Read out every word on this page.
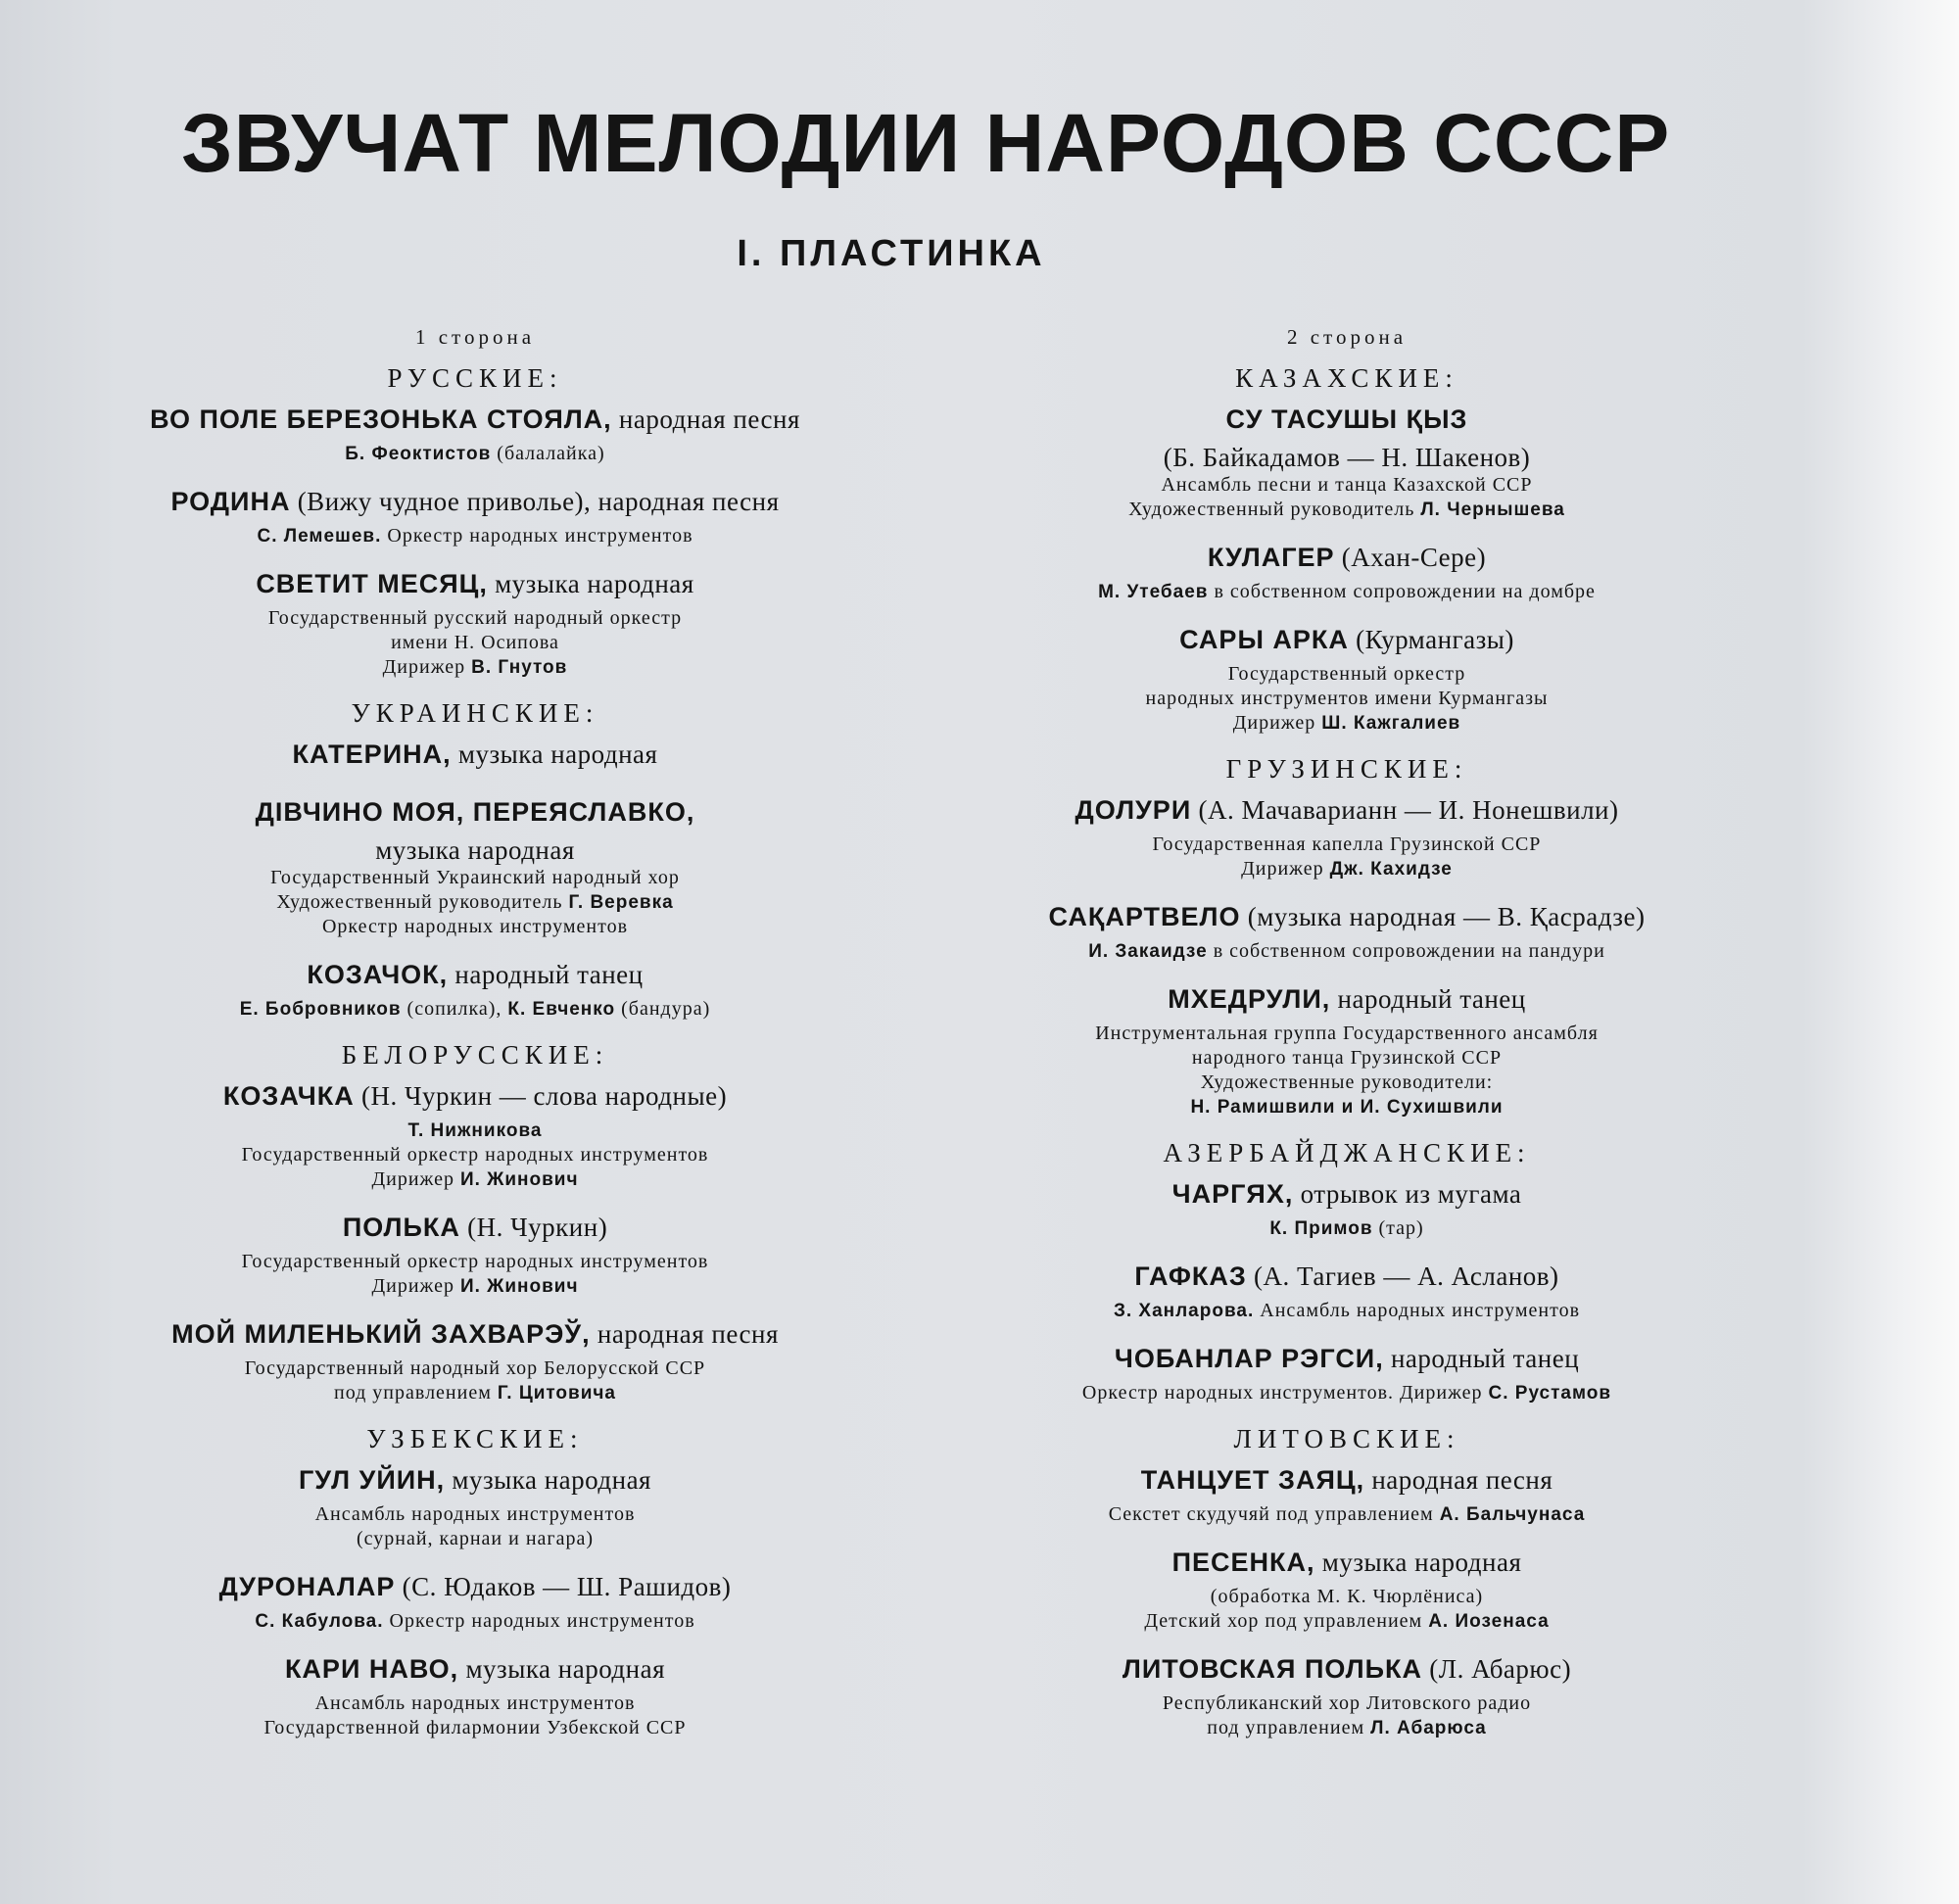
ЗВУЧАТ МЕЛОДИИ НАРОДОВ СССР
I. ПЛАСТИНКА
1 сторона
РУССКИЕ:
ВО ПОЛЕ БЕРЕЗОНЬКА СТОЯЛА, народная песня
Б. Феоктистов (балалайка)
РОДИНА (Вижу чудное приволье), народная песня
С. Лемешев. Оркестр народных инструментов
СВЕТИТ МЕСЯЦ, музыка народная
Государственный русский народный оркестр
имени Н. Осипова
Дирижер В. Гнутов
УКРАИНСКИЕ:
КАТЕРИНА, музыка народная
ДІВЧИНО МОЯ, ПЕРЕЯСЛАВКО,
музыка народная
Государственный Украинский народный хор
Художественный руководитель Г. Веревка
Оркестр народных инструментов
КОЗАЧОК, народный танец
Е. Бобровников (сопилка), К. Евченко (бандура)
БЕЛОРУССКИЕ:
КОЗАЧКА (Н. Чуркин — слова народные)
Т. Нижникова
Государственный оркестр народных инструментов
Дирижер И. Жинович
ПОЛЬКА (Н. Чуркин)
Государственный оркестр народных инструментов
Дирижер И. Жинович
МОЙ МИЛЕНЬКИЙ ЗАХВАРЭЎ, народная песня
Государственный народный хор Белорусской ССР
под управлением Г. Цитовича
УЗБЕКСКИЕ:
ГУЛ УЙИН, музыка народная
Ансамбль народных инструментов
(сурнай, карнаи и нагара)
ДУРОНАЛАР (С. Юдаков — Ш. Рашидов)
С. Кабулова. Оркестр народных инструментов
КАРИ НАВО, музыка народная
Ансамбль народных инструментов
Государственной филармонии Узбекской ССР
2 сторона
КАЗАХСКИЕ:
СУ ТАСУШЫ ҚЫЗ
(Б. Байкадамов — Н. Шакенов)
Ансамбль песни и танца Казахской ССР
Художественный руководитель Л. Чернышева
КУЛАГЕР (Ахан-Сере)
М. Утебаев в собственном сопровождении на домбре
САРЫ АРКА (Курмангазы)
Государственный оркестр
народных инструментов имени Курмангазы
Дирижер Ш. Кажгалиев
ГРУЗИНСКИЕ:
ДОЛУРИ (А. Мачаварианн — И. Нонешвили)
Государственная капелла Грузинской ССР
Дирижер Дж. Кахидзе
САҚАРТВЕЛО (музыка народная — В. Қасрадзе)
И. Закаидзе в собственном сопровождении на пандури
МХЕДРУЛИ, народный танец
Инструментальная группа Государственного ансамбля
народного танца Грузинской ССР
Художественные руководители:
Н. Рамишвили и И. Сухишвили
АЗЕРБАЙДЖАНСКИЕ:
ЧАРГЯХ, отрывок из мугама
К. Примов (тар)
ГАФКАЗ (А. Тагиев — А. Асланов)
З. Ханларова. Ансамбль народных инструментов
ЧОБАНЛАР РЭГСИ, народный танец
Оркестр народных инструментов. Дирижер С. Рустамов
ЛИТОВСКИЕ:
ТАНЦУЕТ ЗАЯЦ, народная песня
Секстет скудучяй под управлением А. Бальчунаса
ПЕСЕНКА, музыка народная
(обработка М. К. Чюрлёниса)
Детский хор под управлением А. Иозенаса
ЛИТОВСКАЯ ПОЛЬКА (Л. Абарюс)
Республиканский хор Литовского радио
под управлением Л. Абарюса
